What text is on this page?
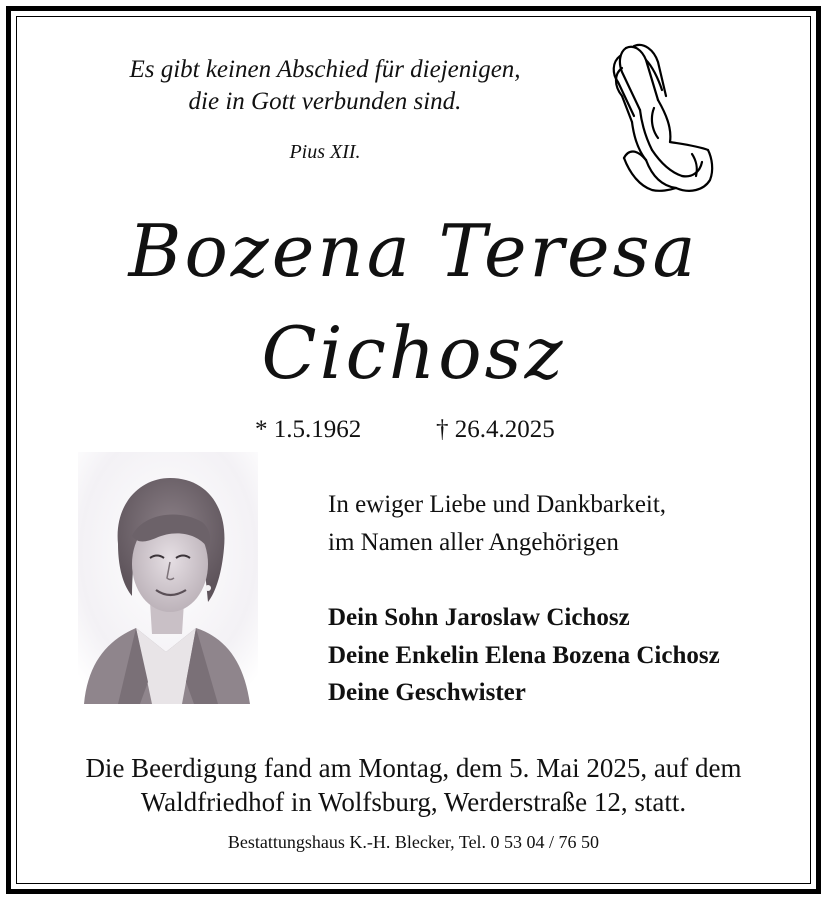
Es gibt keinen Abschied für diejenigen,
die in Gott verbunden sind.
Pius XII.
Bozena Teresa
Cichosz
* 1.5.1962	† 26.4.2025
In ewiger Liebe und Dankbarkeit,
im Namen aller Angehörigen
Dein Sohn Jaroslaw Cichosz
Deine Enkelin Elena Bozena Cichosz
Deine Geschwister
Die Beerdigung fand am Montag, dem 5. Mai 2025, auf dem
Waldfriedhof in Wolfsburg, Werderstraße 12, statt.
Bestattungshaus K.-H. Blecker, Tel. 0 53 04 / 76 50
